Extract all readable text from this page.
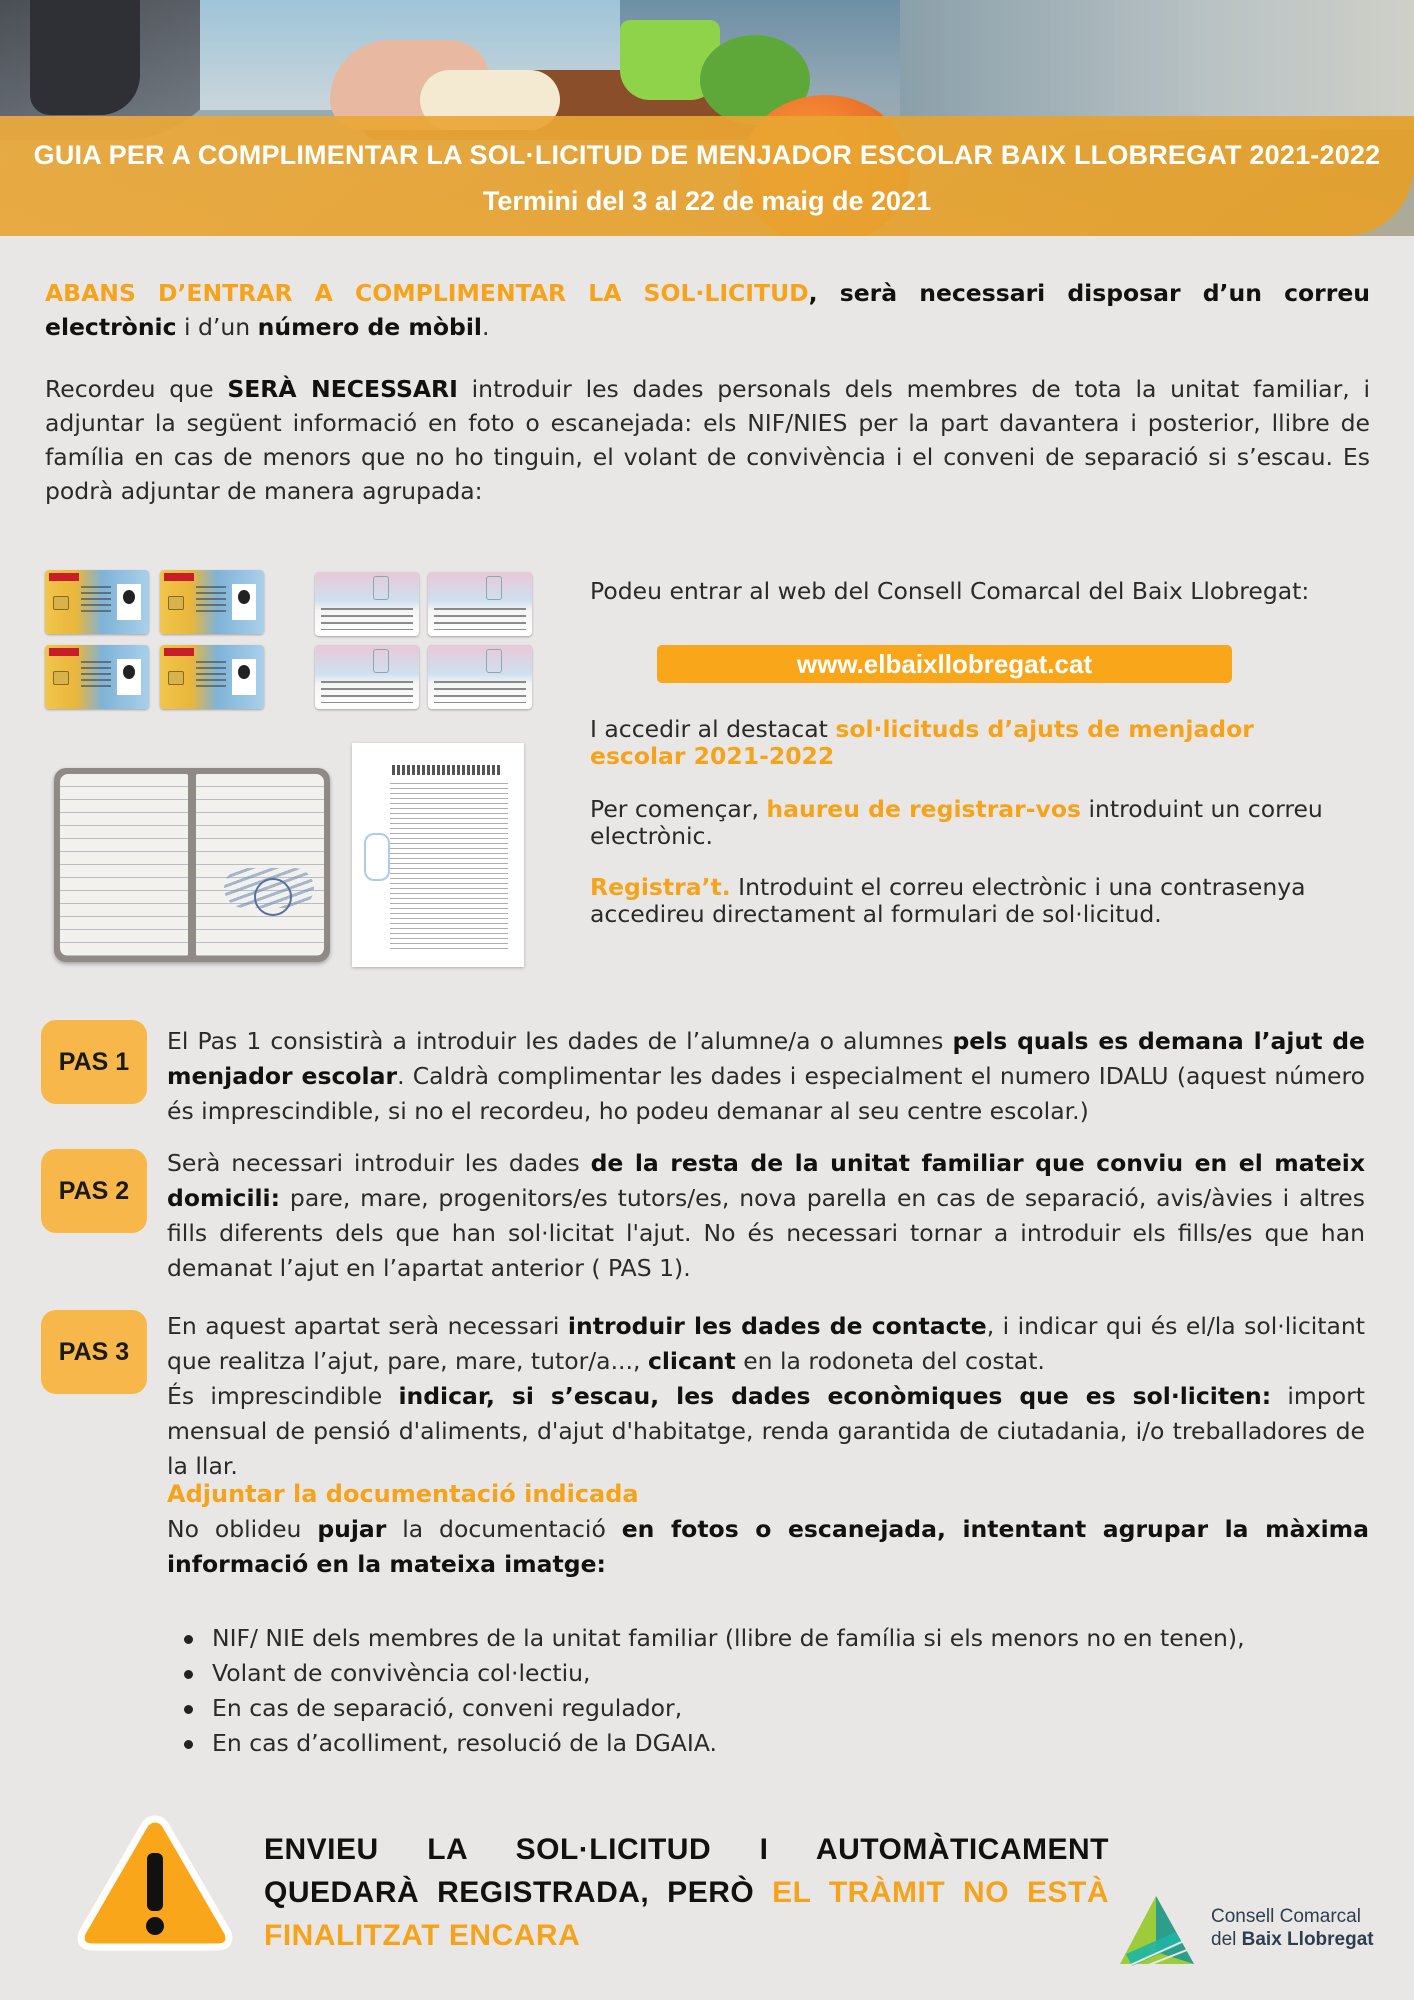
GUIA PER A COMPLIMENTAR LA SOL·LICITUD DE MENJADOR ESCOLAR BAIX LLOBREGAT 2021-2022
Termini del 3 al 22 de maig de 2021

ABANS D’ENTRAR A COMPLIMENTAR LA SOL·LICITUD, serà necessari disposar d’un correu electrònic i d’un número de mòbil.

Recordeu que SERÀ NECESSARI introduir les dades personals dels membres de tota la unitat familiar, i adjuntar la següent informació en foto o escanejada: els NIF/NIES per la part davantera i posterior, llibre de família en cas de menors que no ho tinguin, el volant de convivència i el conveni de separació si s’escau. Es podrà adjuntar de manera agrupada:

Podeu entrar al web del Consell Comarcal del Baix Llobregat:

www.elbaixllobregat.cat

I accedir al destacat sol·licituds d’ajuts de menjador escolar 2021-2022

Per començar, haureu de registrar-vos introduint un correu electrònic.

Registra’t. Introduint el correu electrònic i una contrasenya accedireu directament al formulari de sol·licitud.

PAS 1

El Pas 1 consistirà a introduir les dades de l’alumne/a o alumnes pels quals es demana l’ajut de menjador escolar. Caldrà complimentar les dades i especialment el numero IDALU (aquest número és imprescindible, si no el recordeu, ho podeu demanar al seu centre escolar.)

PAS 2

Serà necessari introduir les dades de la resta de la unitat familiar que conviu en el mateix domicili: pare, mare, progenitors/es tutors/es, nova parella en cas de separació, avis/àvies i altres fills diferents dels que han sol·licitat l'ajut. No és necessari tornar a introduir els fills/es que han demanat l’ajut en l’apartat anterior ( PAS 1).

PAS 3

En aquest apartat serà necessari introduir les dades de contacte, i indicar qui és el/la sol·licitant que realitza l’ajut, pare, mare, tutor/a..., clicant en la rodoneta del costat.

És imprescindible indicar, si s’escau, les dades econòmiques que es sol·liciten: import mensual de pensió d'aliments, d'ajut d'habitatge, renda garantida de ciutadania, i/o treballadores de la llar.

Adjuntar la documentació indicada

No oblideu pujar la documentació en fotos o escanejada, intentant agrupar la màxima informació en la mateixa imatge:

NIF/ NIE dels membres de la unitat familiar (llibre de família si els menors no en tenen),
Volant de convivència col·lectiu,
En cas de separació, conveni regulador,
En cas d’acolliment, resolució de la DGAIA.

ENVIEU LA SOL·LICITUD I AUTOMÀTICAMENT QUEDARÀ REGISTRADA, PERÒ EL TRÀMIT NO ESTÀ FINALITZAT ENCARA

Consell Comarcal

del Baix Llobregat
